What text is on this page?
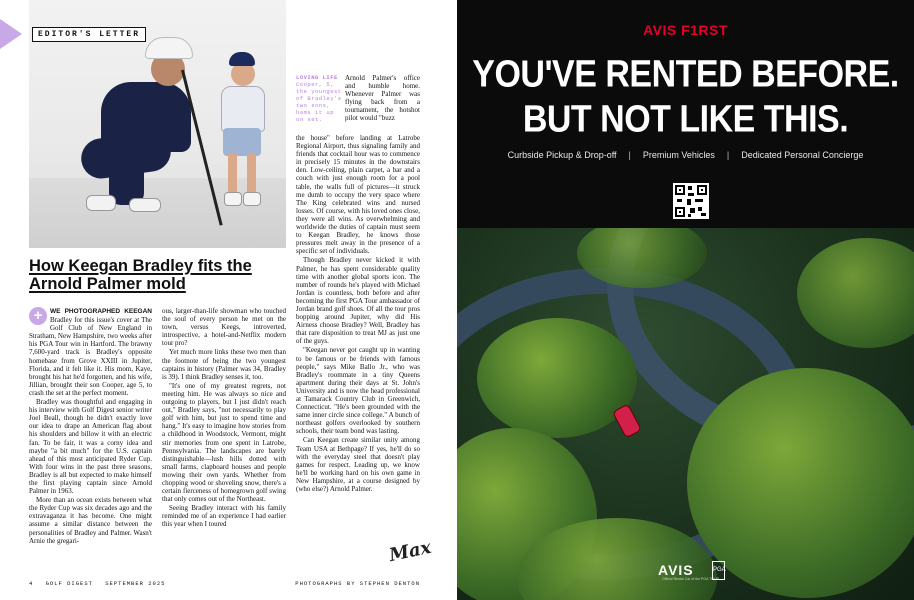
EDITOR'S LETTER
LOVING LIFE
Cooper, 5, the youngest of Bradley's two sons, hams it up on set.
How Keegan Bradley fits the Arnold Palmer mold

+	WE PHOTOGRAPHED KEEGAN Bradley for this issue's cover at The Golf Club of New England in Stratham, New Hampshire, two weeks after his PGA Tour win in Hartford. The brawny 7,600-yard track is Bradley's opposite homebase from Grove XXIII in Jupiter, Florida, and it felt like it. His mom, Kaye, brought his hat he'd forgotten, and his wife, Jillian, brought their son Cooper, age 5, to crash the set at the perfect moment.

Bradley was thoughtful and engaging in his interview with Golf Digest senior writer Joel Beall, though he didn't exactly love our idea to drape an American flag about his shoulders and billow it with an electric fan. To be fair, it was a corny idea and maybe "a bit much" for the U.S. captain ahead of this most anticipated Ryder Cup. With four wins in the past three seasons, Bradley is all but expected to make himself the first playing captain since Arnold Palmer in 1963.

More than an ocean exists between what the Ryder Cup was six decades ago and the extravaganza it has become. One might assume a similar distance between the personalities of Bradley and Palmer. Wasn't Arnie the gregari-

ous, larger-than-life showman who touched the soul of every person he met on the town, versus Keegs, introverted, introspective, a hotel-and-Netflix modern tour pro?

Yet much more links these two men than the footnote of being the two youngest captains in history (Palmer was 34, Bradley is 39). I think Bradley senses it, too.

"It's one of my greatest regrets, not meeting him. He was always so nice and outgoing to players, but I just didn't reach out," Bradley says, "not necessarily to play golf with him, but just to spend time and hang." It's easy to imagine how stories from a childhood in Woodstock, Vermont, might stir memories from one spent in Latrobe, Pennsylvania. The landscapes are barely distinguishable—lush hills dotted with small farms, clapboard houses and people mowing their own yards. Whether from chopping wood or shoveling snow, there's a certain fierceness of homegrown golf swing that only comes out of the Northeast.

Seeing Bradley interact with his family reminded me of an experience I had earlier this year when I toured

Arnold Palmer's office and humble home. Whenever Palmer was flying back from a tournament, the hotshot pilot would "buzz

the house" before landing at Latrobe Regional Airport, thus signaling family and friends that cocktail hour was to commence in precisely 15 minutes in the downstairs den. Low-ceiling, plain carpet, a bar and a couch with just enough room for a pool table, the walls full of pictures—it struck me dumb to occupy the very space where The King celebrated wins and nursed losses. Of course, with his loved ones close, they were all wins. As overwhelming and worldwide the duties of captain must seem to Keegan Bradley, he knows those pressures melt away in the presence of a specific set of individuals.

Though Bradley never kicked it with Palmer, he has spent considerable quality time with another global sports icon. The number of rounds he's played with Michael Jordan is countless, both before and after becoming the first PGA Tour ambassador of Jordan brand golf shoes. Of all the tour pros bopping around Jupiter, why did His Airness choose Bradley? Well, Bradley has that rare disposition to treat MJ as just one of the guys.

"Keegan never got caught up in wanting to be famous or be friends with famous people," says Mike Ballo Jr., who was Bradley's roommate in a tiny Queens apartment during their days at St. John's University and is now the head professional at Tamarack Country Club in Greenwich, Connecticut. "He's been grounded with the same inner circle since college." A bunch of northeast golfers overlooked by southern schools, their team bond was lasting.

Can Keegan create similar unity among Team USA at Bethpage? If yes, he'll do so with the everyday steel that doesn't play games for respect. Leading up, we know he'll be working hard on his own game in New Hampshire, at a course designed by (who else?) Arnold Palmer.

Max
4 GOLF DIGEST SEPTEMBER 2025	PHOTOGRAPHS BY STEPHEN DENTON
AVIS F1RST
YOU'VE RENTED BEFORE.
BUT NOT LIKE THIS.
Curbside Pickup & Drop-off | Premium Vehicles | Dedicated Personal Concierge
AVIS
Official Rental Car of the PGA TOUR
PGA
